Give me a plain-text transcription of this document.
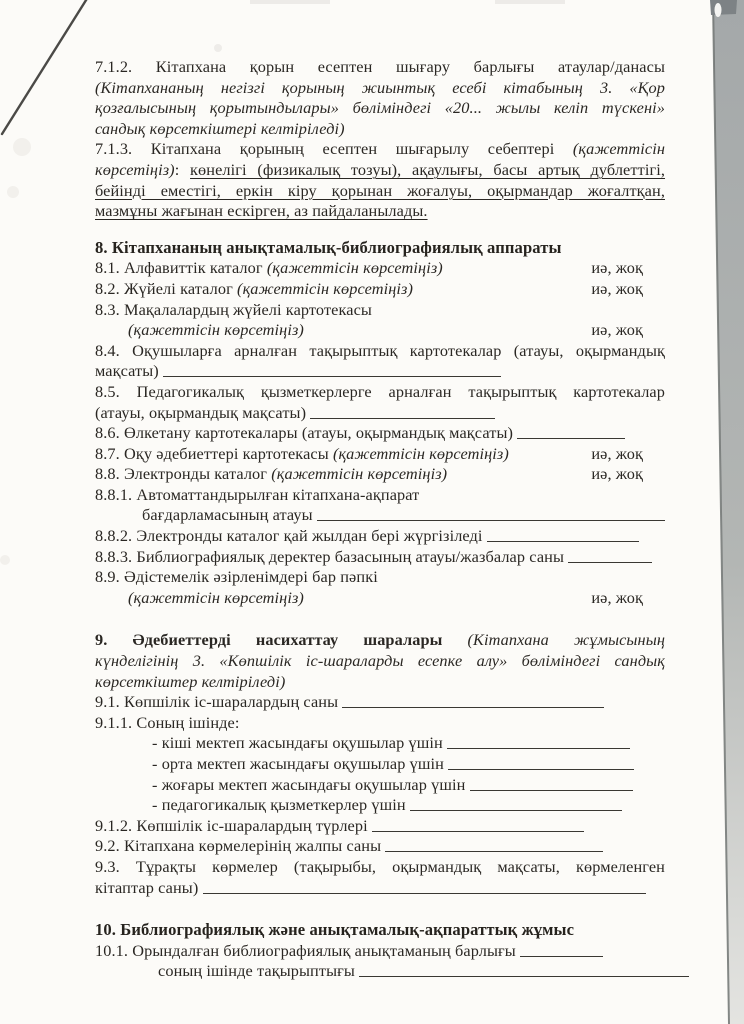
7.1.2. Кітапхана қорын есептен шығару барлығы атаулар/данасы
(Кітапхананың негізгі қорының жиынтық есебі кітабының 3. «Қор
қозғалысының қорытындылары» бөліміндегі «20... жылы келіп түскені»
сандық көрсеткіштері келтіріледі)
7.1.3. Кітапхана қорының есептен шығарылу себептері (қажеттісін
көрсетіңіз): көнелігі (физикалық тозуы), ақаулығы, басы артық дублеттігі,
бейінді еместігі, еркін кіру қорынан жоғалуы, оқырмандар жоғалтқан,
мазмұны жағынан ескірген, аз пайдаланылады.
8. Кітапхананың анықтамалық-библиографиялық аппараты
8.1. Алфавиттік каталог (қажеттісін көрсетіңіз)	иә, жоқ
8.2. Жүйелі каталог (қажеттісін көрсетіңіз)	иә, жоқ
8.3. Мақалалардың жүйелі картотекасы
(қажеттісін көрсетіңіз)	иә, жоқ
8.4. Оқушыларға арналған тақырыптық картотекалар (атауы, оқырмандық
мақсаты)
8.5. Педагогикалық қызметкерлерге арналған тақырыптық картотекалар
(атауы, оқырмандық мақсаты)
8.6. Өлкетану картотекалары (атауы, оқырмандық мақсаты)
8.7. Оқу әдебиеттері картотекасы (қажеттісін көрсетіңіз)	иә, жоқ
8.8. Электронды каталог (қажеттісін көрсетіңіз)	иә, жоқ
8.8.1. Автоматтандырылған кітапхана-ақпарат
бағдарламасының атауы
8.8.2. Электронды каталог қай жылдан бері жүргізіледі
8.8.3. Библиографиялық деректер базасының атауы/жазбалар саны
8.9. Әдістемелік әзірленімдері бар пәпкі
(қажеттісін көрсетіңіз)	иә, жоқ
9. Әдебиеттерді насихаттау шаралары (Кітапхана жұмысының
күнделігінің 3. «Көпшілік іс-шараларды есепке алу» бөліміндегі сандық
көрсеткіштер келтіріледі)
9.1. Көпшілік іс-шаралардың саны
9.1.1. Соның ішінде:
- кіші мектеп жасындағы оқушылар үшін
- орта мектеп жасындағы оқушылар үшін
- жоғары мектеп жасындағы оқушылар үшін
- педагогикалық қызметкерлер үшін
9.1.2. Көпшілік іс-шаралардың түрлері
9.2. Кітапхана көрмелерінің жалпы саны
9.3. Тұрақты көрмелер (тақырыбы, оқырмандық мақсаты, көрмеленген
кітаптар саны)
10. Библиографиялық және анықтамалық-ақпараттық жұмыс
10.1. Орындалған библиографиялық анықтаманың барлығы
соның ішінде тақырыптығы
